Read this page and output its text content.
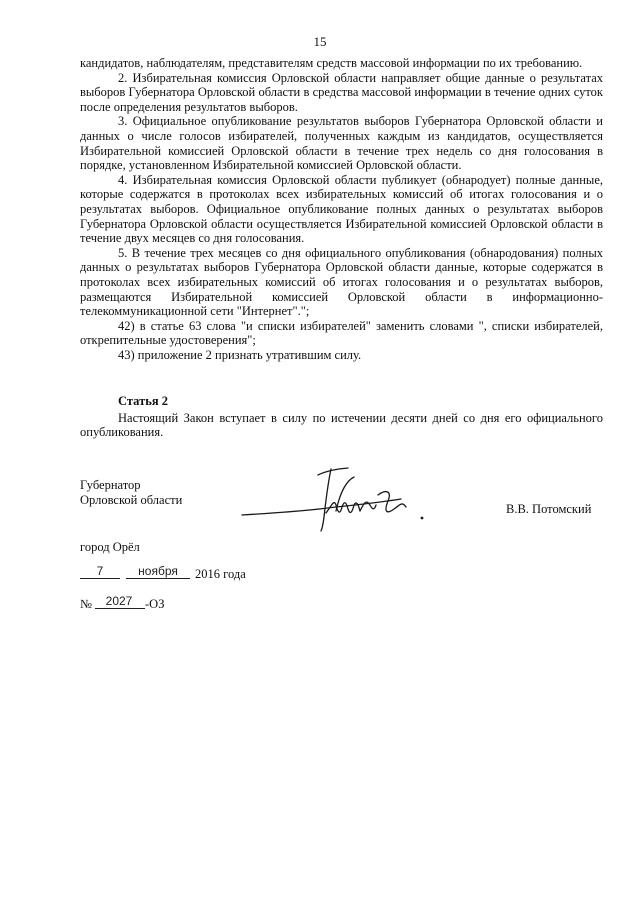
15

кандидатов, наблюдателям, представителям средств массовой информации по их требованию.

2. Избирательная комиссия Орловской области направляет общие данные о результатах выборов Губернатора Орловской области в средства массовой информации в течение одних суток после определения результатов выборов.

3. Официальное опубликование результатов выборов Губернатора Орловской области и данных о числе голосов избирателей, полученных каждым из кандидатов, осуществляется Избирательной комиссией Орловской области в течение трех недель со дня голосования в порядке, установленном Избирательной комиссией Орловской области.

4. Избирательная комиссия Орловской области публикует (обнародует) полные данные, которые содержатся в протоколах всех избирательных комиссий об итогах голосования и о результатах выборов. Официальное опубликование полных данных о результатах выборов Губернатора Орловской области осуществляется Избирательной комиссией Орловской области в течение двух месяцев со дня голосования.

5. В течение трех месяцев со дня официального опубликования (обнародования) полных данных о результатах выборов Губернатора Орловской области данные, которые содержатся в протоколах всех избирательных комиссий об итогах голосования и о результатах выборов, размещаются Избирательной комиссией Орловской области в информационно-телекоммуникационной сети "Интернет".";

42) в статье 63 слова "и списки избирателей" заменить словами ", списки избирателей, открепительные удостоверения";

43) приложение 2 признать утратившим силу.

Статья 2

Настоящий Закон вступает в силу по истечении десяти дней со дня его официального опубликования.

Губернатор
Орловской области
В.В. Потомский
город Орёл
7	ноября	2016 года
№	2027	-ОЗ
